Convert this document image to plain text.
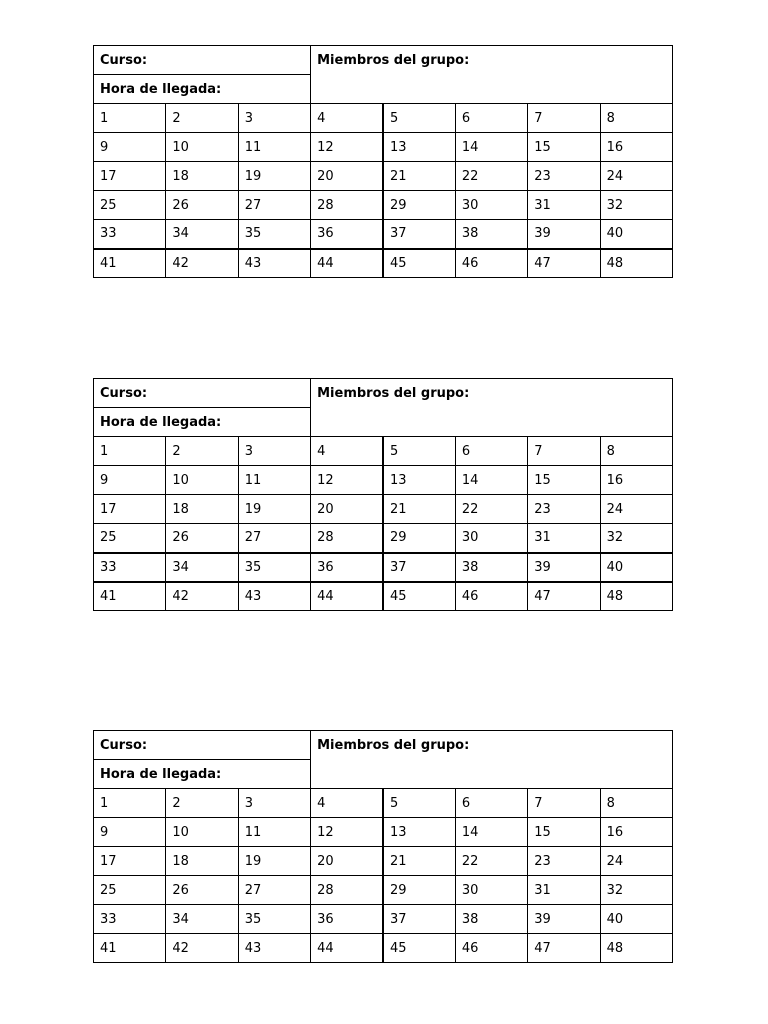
Curso:			Miembros del grupo:				
Hora de llegada:							
1	2	3	4	5	6	7	8
9	10	11	12	13	14	15	16
17	18	19	20	21	22	23	24
25	26	27	28	29	30	31	32
33	34	35	36	37	38	39	40
41	42	43	44	45	46	47	48
Curso:			Miembros del grupo:				
Hora de llegada:							
1	2	3	4	5	6	7	8
9	10	11	12	13	14	15	16
17	18	19	20	21	22	23	24
25	26	27	28	29	30	31	32
33	34	35	36	37	38	39	40
41	42	43	44	45	46	47	48
Curso:			Miembros del grupo:				
Hora de llegada:							
1	2	3	4	5	6	7	8
9	10	11	12	13	14	15	16
17	18	19	20	21	22	23	24
25	26	27	28	29	30	31	32
33	34	35	36	37	38	39	40
41	42	43	44	45	46	47	48
